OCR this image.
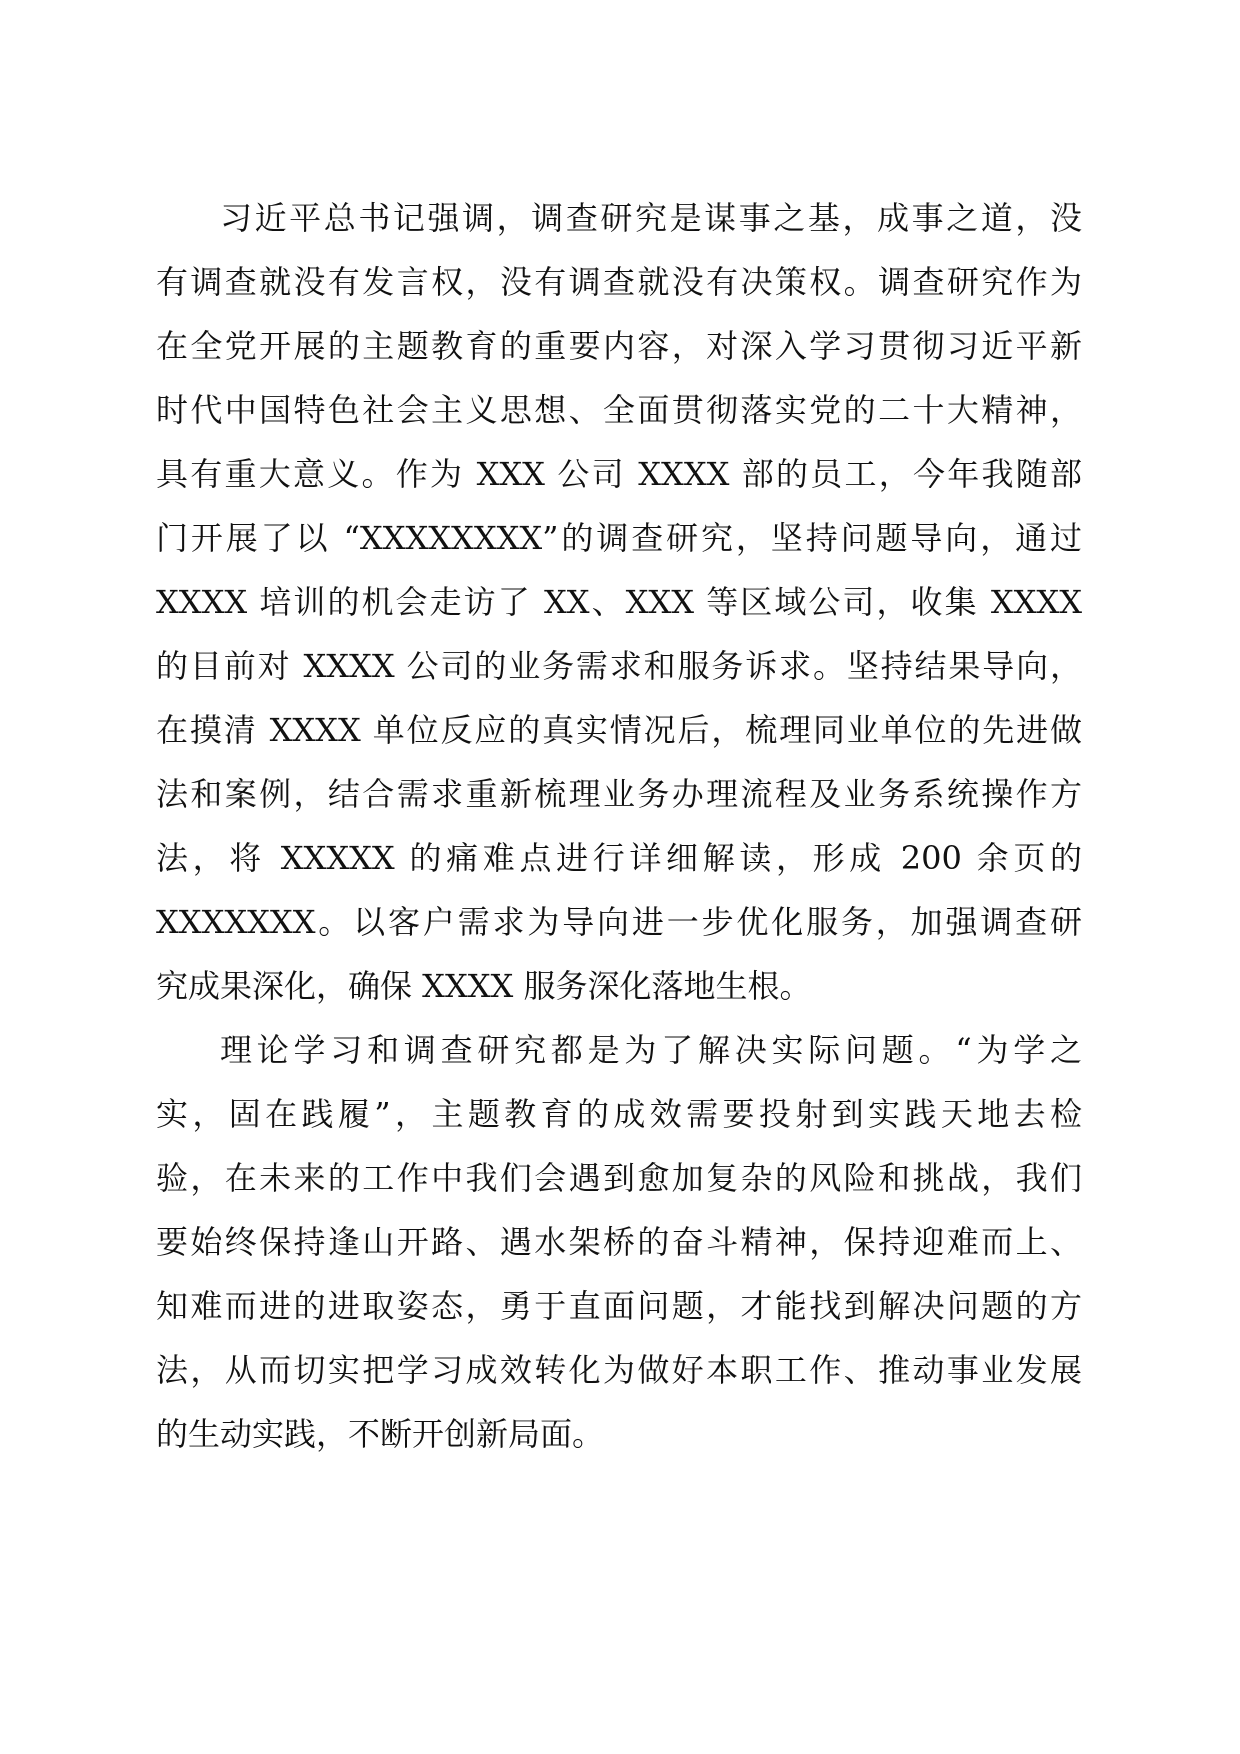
习近平总书记强调，调查研究是谋事之基，成事之道，没
有调查就没有发言权，没有调查就没有决策权。调查研究作为
在全党开展的主题教育的重要内容，对深入学习贯彻习近平新
时代中国特色社会主义思想、全面贯彻落实党的二十大精神，
具有重大意义。作为 XXX 公司 XXXX 部的员工，今年我随部
门开展了以 “XXXXXXXX”的调查研究，坚持问题导向，通过
XXXX 培训的机会走访了 XX、XXX 等区域公司，收集 XXXX
的目前对 XXXX 公司的业务需求和服务诉求。坚持结果导向，
在摸清 XXXX 单位反应的真实情况后，梳理同业单位的先进做
法和案例，结合需求重新梳理业务办理流程及业务系统操作方
法，将 XXXXX 的痛难点进行详细解读，形成 200 余页的
XXXXXXX。以客户需求为导向进一步优化服务，加强调查研
究成果深化，确保 XXXX 服务深化落地生根。
理论学习和调查研究都是为了解决实际问题。“为学之
实，固在践履”，主题教育的成效需要投射到实践天地去检
验，在未来的工作中我们会遇到愈加复杂的风险和挑战，我们
要始终保持逢山开路、遇水架桥的奋斗精神，保持迎难而上、
知难而进的进取姿态，勇于直面问题，才能找到解决问题的方
法，从而切实把学习成效转化为做好本职工作、推动事业发展
的生动实践，不断开创新局面。
